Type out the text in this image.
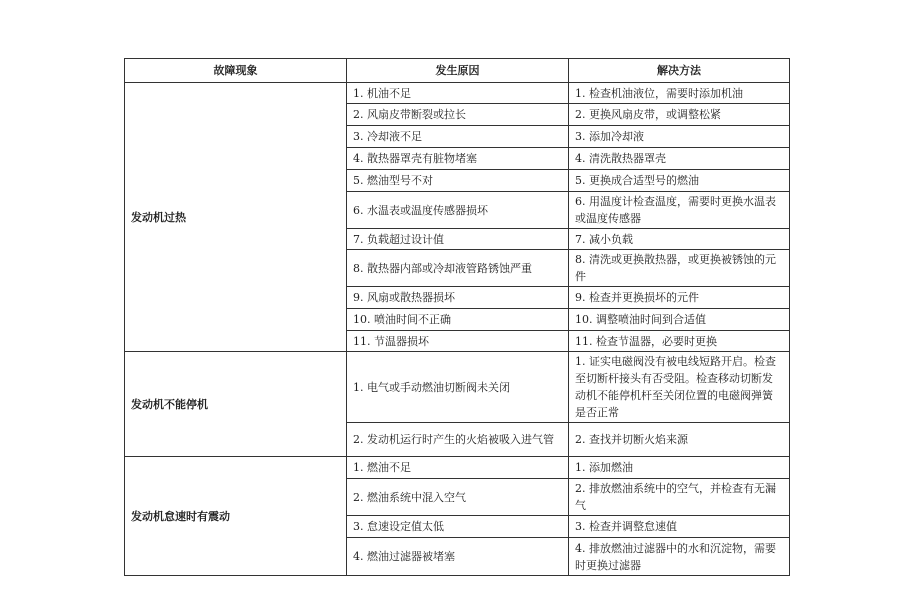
故障现象	发生原因	解决方法
发动机过热	1. 机油不足	1. 检查机油液位，需要时添加机油
	2. 风扇皮带断裂或拉长	2. 更换风扇皮带，或调整松紧
	3. 冷却液不足	3. 添加冷却液
	4. 散热器罩壳有脏物堵塞	4. 清洗散热器罩壳
	5. 燃油型号不对	5. 更换成合适型号的燃油
	6. 水温表或温度传感器损坏	6. 用温度计检查温度，需要时更换水温表或温度传感器
	7. 负载超过设计值	7. 减小负载
	8. 散热器内部或冷却液管路锈蚀严重	8. 清洗或更换散热器，或更换被锈蚀的元件
	9. 风扇或散热器损坏	9. 检查并更换损坏的元件
	10. 喷油时间不正确	10. 调整喷油时间到合适值
	11. 节温器损坏	11. 检查节温器，必要时更换
发动机不能停机	1. 电气或手动燃油切断阀未关闭	1. 证实电磁阀没有被电线短路开启。检查至切断杆接头有否受阻。检查移动切断发动机不能停机杆至关闭位置的电磁阀弹簧是否正常
	2. 发动机运行时产生的火焰被吸入进气管	2. 查找并切断火焰来源
发动机怠速时有震动	1. 燃油不足	1. 添加燃油
	2. 燃油系统中混入空气	2. 排放燃油系统中的空气，并检查有无漏气
	3. 怠速设定值太低	3. 检查并调整怠速值
	4. 燃油过滤器被堵塞	4. 排放燃油过滤器中的水和沉淀物，需要时更换过滤器
